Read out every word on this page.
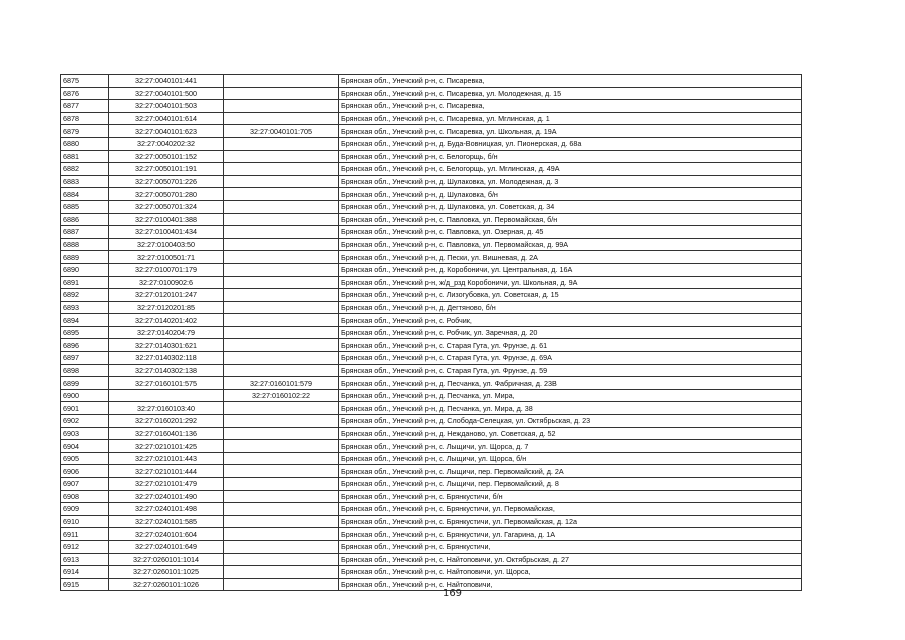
6875	32:27:0040101:441		Брянская обл., Унечский р-н, с. Писаревка,
6876	32:27:0040101:500		Брянская обл., Унечский р-н, с. Писаревка, ул. Молодежная, д. 15
6877	32:27:0040101:503		Брянская обл., Унечский р-н, с. Писаревка,
6878	32:27:0040101:614		Брянская обл., Унечский р-н, с. Писаревка, ул. Мглинская, д. 1
6879	32:27:0040101:623	32:27:0040101:705	Брянская обл., Унечский р-н, с. Писаревка, ул. Школьная, д. 19А
6880	32:27:0040202:32		Брянская обл., Унечский р-н, д. Буда-Вовницкая, ул. Пионерская, д. 68а
6881	32:27:0050101:152		Брянская обл., Унечский р-н, с. Белогорщь, б/н
6882	32:27:0050101:191		Брянская обл., Унечский р-н, с. Белогорщь, ул. Мглинская, д. 49А
6883	32:27:0050701:226		Брянская обл., Унечский р-н, д. Шулаковка, ул. Молодежная, д. 3
6884	32:27:0050701:280		Брянская обл., Унечский р-н, д. Шулаковка, б/н
6885	32:27:0050701:324		Брянская обл., Унечский р-н, д. Шулаковка, ул. Советская, д. 34
6886	32:27:0100401:388		Брянская обл., Унечский р-н, с. Павловка, ул. Первомайская, б/н
6887	32:27:0100401:434		Брянская обл., Унечский р-н, с. Павловка, ул. Озерная, д. 45
6888	32:27:0100403:50		Брянская обл., Унечский р-н, с. Павловка, ул. Первомайская, д. 99А
6889	32:27:0100501:71		Брянская обл., Унечский р-н, д. Пески, ул. Вишневая, д. 2А
6890	32:27:0100701:179		Брянская обл., Унечский р-н, д. Коробоничи, ул. Центральная, д. 16А
6891	32:27:0100902:6		Брянская обл., Унечский р-н, ж/д_рзд Коробоничи, ул. Школьная, д. 9А
6892	32:27:0120101:247		Брянская обл., Унечский р-н, с. Лизогубовка, ул. Советская, д. 15
6893	32:27:0120201:85		Брянская обл., Унечский р-н, д. Дегтяново, б/н
6894	32:27:0140201:402		Брянская обл., Унечский р-н, с. Робчик,
6895	32:27:0140204:79		Брянская обл., Унечский р-н, с. Робчик, ул. Заречная, д. 20
6896	32:27:0140301:621		Брянская обл., Унечский р-н, с. Старая Гута, ул. Фрунзе, д. 61
6897	32:27:0140302:118		Брянская обл., Унечский р-н, с. Старая Гута, ул. Фрунзе, д. 69А
6898	32:27:0140302:138		Брянская обл., Унечский р-н, с. Старая Гута, ул. Фрунзе, д. 59
6899	32:27:0160101:575	32:27:0160101:579	Брянская обл., Унечский р-н, д. Песчанка, ул. Фабричная, д. 23В
6900		32:27:0160102:22	Брянская обл., Унечский р-н, д. Песчанка, ул. Мира,
6901	32:27:0160103:40		Брянская обл., Унечский р-н, д. Песчанка, ул. Мира, д. 38
6902	32:27:0160201:292		Брянская обл., Унечский р-н, д. Слобода-Селецкая, ул. Октябрьская, д. 23
6903	32:27:0160401:136		Брянская обл., Унечский р-н, д. Нежданово, ул. Советская, д. 52
6904	32:27:0210101:425		Брянская обл., Унечский р-н, с. Лыщичи, ул. Щорса, д. 7
6905	32:27:0210101:443		Брянская обл., Унечский р-н, с. Лыщичи, ул. Щорса, б/н
6906	32:27:0210101:444		Брянская обл., Унечский р-н, с. Лыщичи, пер. Первомайский, д. 2А
6907	32:27:0210101:479		Брянская обл., Унечский р-н, с. Лыщичи, пер. Первомайский, д. 8
6908	32:27:0240101:490		Брянская обл., Унечский р-н, с. Брянкустичи, б/н
6909	32:27:0240101:498		Брянская обл., Унечский р-н, с. Брянкустичи, ул. Первомайская,
6910	32:27:0240101:585		Брянская обл., Унечский р-н, с. Брянкустичи, ул. Первомайская, д. 12а
6911	32:27:0240101:604		Брянская обл., Унечский р-н, с. Брянкустичи, ул. Гагарина, д. 1А
6912	32:27:0240101:649		Брянская обл., Унечский р-н, с. Брянкустичи,
6913	32:27:0260101:1014		Брянская обл., Унечский р-н, с. Найтоповичи, ул. Октябрьская, д. 27
6914	32:27:0260101:1025		Брянская обл., Унечский р-н, с. Найтоповичи, ул. Щорса,
6915	32:27:0260101:1026		Брянская обл., Унечский р-н, с. Найтоповичи,
169
